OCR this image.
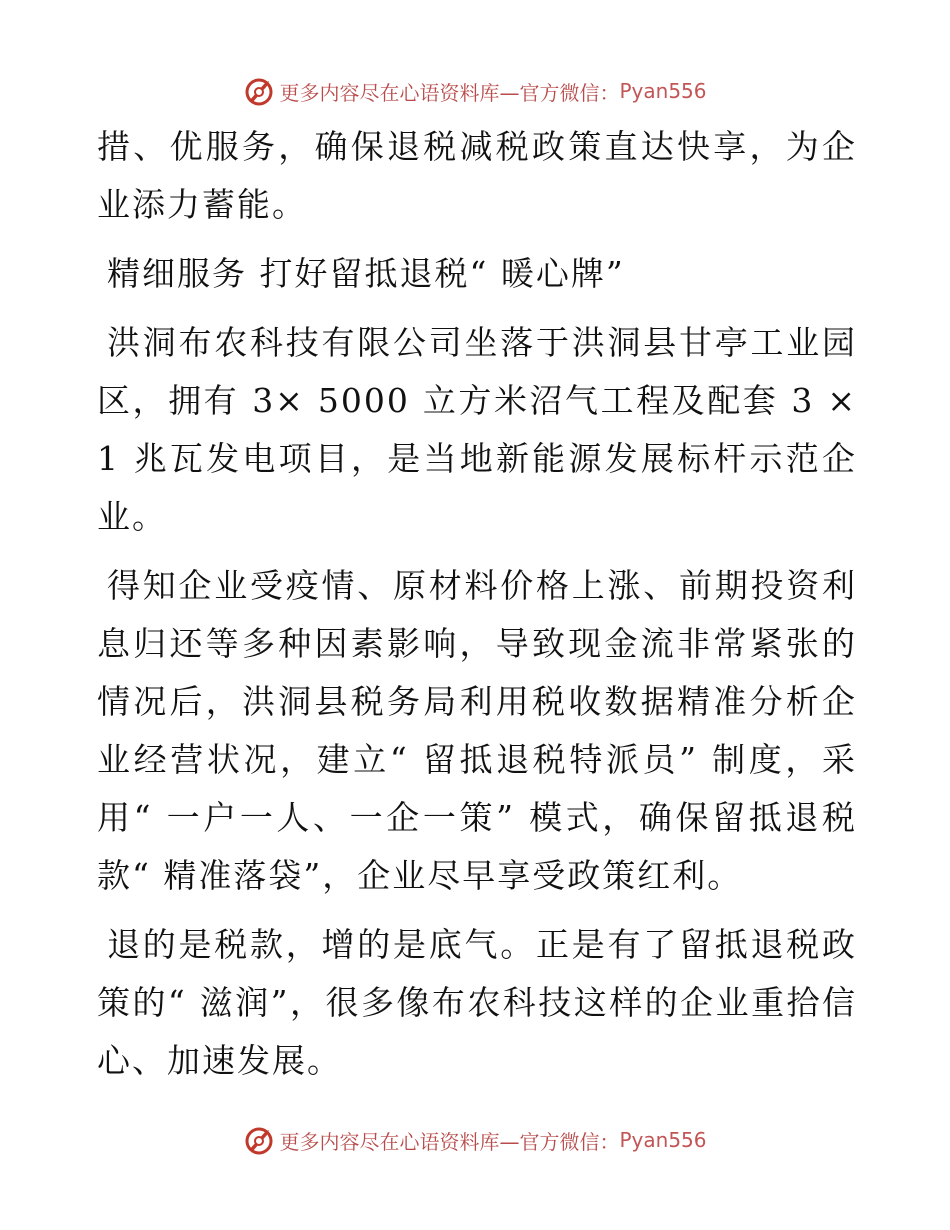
更多内容尽在心语资料库—官方微信： Pyan556

措、优服务，确保退税减税政策直达快享，为企业添力蓄能。

精细服务 打好留抵退税“ 暖心牌”

洪洞布农科技有限公司坐落于洪洞县甘亭工业园区，拥有 3× 5000 立方米沼气工程及配套 3 × 1 兆瓦发电项目，是当地新能源发展标杆示范企业。

得知企业受疫情、原材料价格上涨、前期投资利息归还等多种因素影响，导致现金流非常紧张的情况后，洪洞县税务局利用税收数据精准分析企业经营状况，建立“ 留抵退税特派员” 制度，采用“ 一户一人、一企一策” 模式，确保留抵退税款“ 精准落袋”，企业尽早享受政策红利。

退的是税款，增的是底气。正是有了留抵退税政策的“ 滋润”，很多像布农科技这样的企业重拾信心、加速发展。

更多内容尽在心语资料库—官方微信： Pyan556
